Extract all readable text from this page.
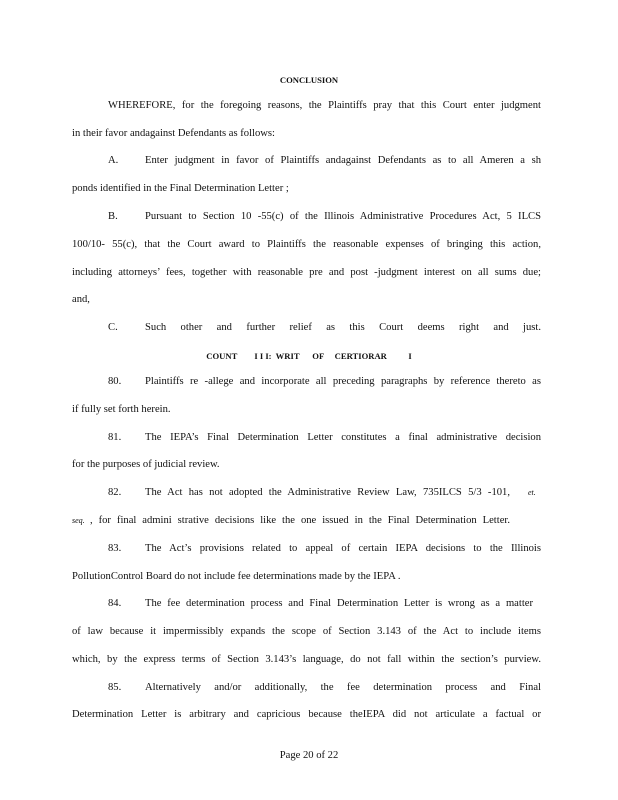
CONCLUSION
WHEREFORE, for the foregoing reasons, the Plaintiffs pray that this Court enter judgment
in their favor andagainst Defendants as follows:
A.	Enter judgment in favor of Plaintiffs andagainst Defendants as to all Ameren a sh
ponds identified in the Final Determination Letter ;
B.	Pursuant to Section 10 -55(c) of the Illinois Administrative Procedures Act, 5 ILCS
100/10- 55(c), that the Court award to Plaintiffs the reasonable expenses of bringing this action,
including attorneys’ fees, together with reasonable pre and post -judgment interest on all sums due;
and,
C.	Such other and further relief as this Court deems right and just.
COUNT        I I I:  WRIT      OF     CERTIORAR          I
80. Plaintiffs re -allege and incorporate all preceding paragraphs by reference thereto as
if fully set forth herein.
81. The IEPA’s Final Determination Letter constitutes a final administrative decision
for the purposes of judicial review.
82. The Act has not adopted the Administrative Review Law, 735ILCS 5/3 -101, et.
seq. , for final admini strative decisions like the one issued in the Final Determination Letter.
83. The Act’s provisions related to appeal of certain IEPA decisions to the Illinois
PollutionControl Board do not include fee determinations made by the IEPA .
84. The fee determination process and Final Determination Letter is wrong as a matter
of law because it impermissibly expands the scope of Section 3.143 of the Act to include items
which, by the express terms of Section 3.143’s language, do not fall within the section’s purview.
85. Alternatively and/or additionally, the fee determination process and Final
Determination Letter is arbitrary and capricious because theIEPA did not articulate a factual or
Page 20 of 22
